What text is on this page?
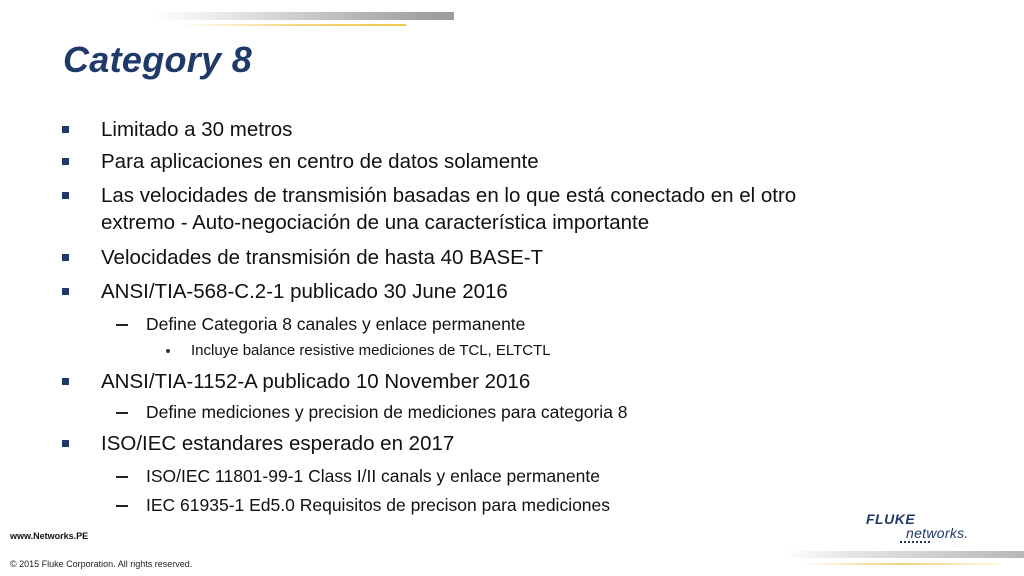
Category 8
Limitado a 30 metros
Para aplicaciones en centro de datos solamente
Las velocidades de transmisión basadas en lo que está conectado en el otro
extremo - Auto-negociación de una característica importante
Velocidades de transmisión de hasta 40 BASE-T
ANSI/TIA-568-C.2-1 publicado 30 June 2016
Define Categoria 8 canales y enlace permanente
Incluye balance resistive mediciones de TCL, ELTCTL
ANSI/TIA-1152-A publicado 10 November 2016
Define mediciones y precision de mediciones para categoria 8
ISO/IEC estandares esperado en 2017
ISO/IEC 11801-99-1 Class I/II canals y enlace permanente
IEC 61935-1 Ed5.0 Requisitos de precison para mediciones
www.Networks.PE
© 2015 Fluke Corporation. All rights reserved.
FLUKE
networks.
